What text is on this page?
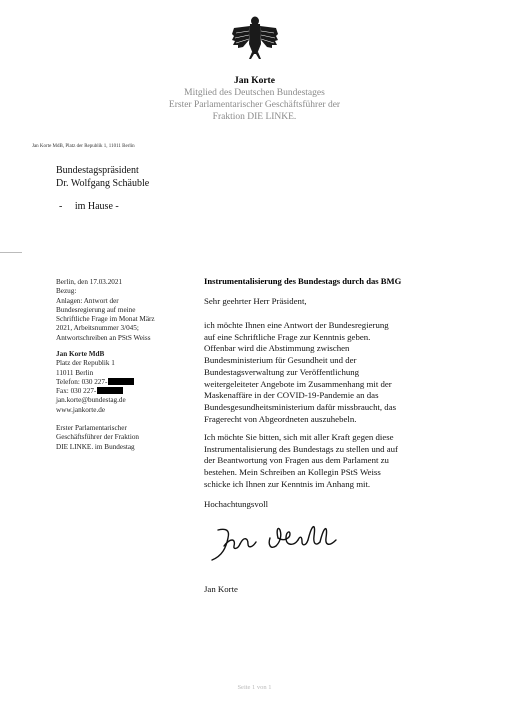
Jan Korte
Mitglied des Deutschen Bundestages
Erster Parlamentarischer Geschäftsführer der
Fraktion DIE LINKE.
Jan Korte MdB, Platz der Republik 1, 11011 Berlin
Bundestagspräsident
Dr. Wolfgang Schäuble
-     im Hause -
Berlin, den 17.03.2021
Bezug:
Anlagen: Antwort der
Bundesregierung auf meine
Schriftliche Frage im Monat März
2021, Arbeitsnummer 3/045;
Antwortschreiben an PStS Weiss
Jan Korte MdB
Platz der Republik 1
11011 Berlin
Telefon: 030 227-
Fax: 030 227-
jan.korte@bundestag.de
www.jankorte.de
Erster Parlamentarischer
Geschäftsführer der Fraktion
DIE LINKE. im Bundestag
Instrumentalisierung des Bundestags durch das BMG
Sehr geehrter Herr Präsident,
ich möchte Ihnen eine Antwort der Bundesregierung
auf eine Schriftliche Frage zur Kenntnis geben.
Offenbar wird die Abstimmung zwischen
Bundesministerium für Gesundheit und der
Bundestagsverwaltung zur Veröffentlichung
weitergeleiteter Angebote im Zusammenhang mit der
Maskenaffäre in der COVID-19-Pandemie an das
Bundesgesundheitsministerium dafür missbraucht, das
Fragerecht von Abgeordneten auszuhebeln.
Ich möchte Sie bitten, sich mit aller Kraft gegen diese
Instrumentalisierung des Bundestags zu stellen und auf
der Beantwortung von Fragen aus dem Parlament zu
bestehen. Mein Schreiben an Kollegin PStS Weiss
schicke ich Ihnen zur Kenntnis im Anhang mit.
Hochachtungsvoll
Jan Korte
Seite 1 von 1
